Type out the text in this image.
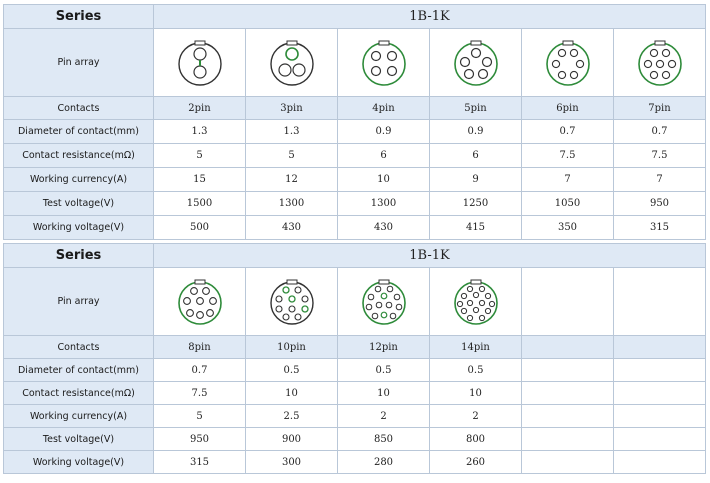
Series	1B-1K					
Pin array	

Contacts	2pin	3pin	4pin	5pin	6pin	7pin
Diameter of contact(mm)	1.3	1.3	0.9	0.9	0.7	0.7
Contact resistance(mΩ)	5	5	6	6	7.5	7.5
Working currency(A)	15	12	10	9	7	7
Test voltage(V)	1500	1300	1300	1250	1050	950
Working voltage(V)	500	430	430	415	350	315
Series	1B-1K					
Pin array	

Contacts	8pin	10pin	12pin	14pin		
Diameter of contact(mm)	0.7	0.5	0.5	0.5		
Contact resistance(mΩ)	7.5	10	10	10		
Working currency(A)	5	2.5	2	2		
Test voltage(V)	950	900	850	800		
Working voltage(V)	315	300	280	260		
